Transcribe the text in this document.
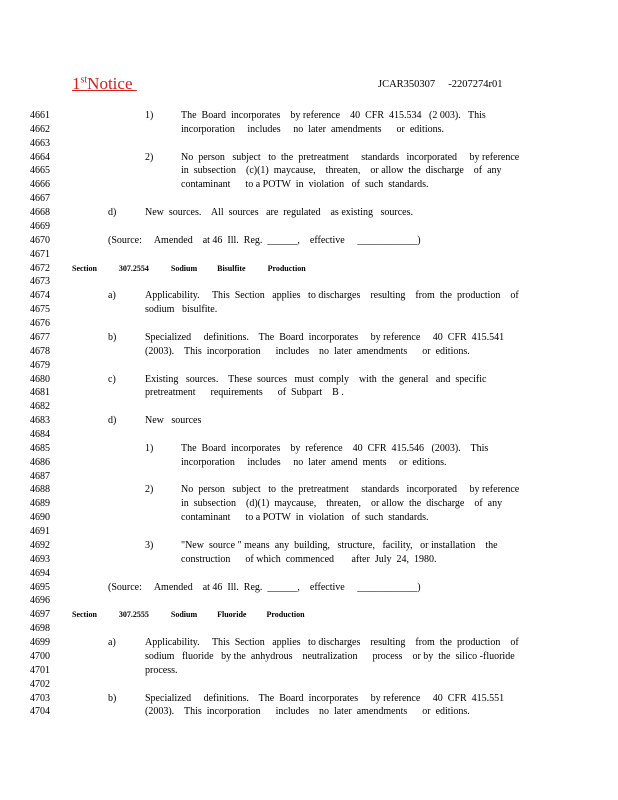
1stNotice	JCAR350307     -2207274r01
4661	1)	The  Board  incorporates    by reference    40  CFR  415.534   (2 003).   This
4662	incorporation     includes     no  later  amendments      or  editions.
4663
4664	2)	No  person   subject   to  the  pretreatment     standards   incorporated     by reference
4665	in  subsection    (c)(1)  maycause,    threaten,    or allow  the  discharge    of  any
4666	contaminant      to a POTW  in  violation   of  such  standards.
4667
4668	d)	New  sources.    All  sources   are  regulated    as existing   sources.
4669
4670	(Source:     Amended    at 46  Ill.  Reg.  ______,    effective     ____________)
4671
4672	Section           307.2554           Sodium          Bisulfite           Production
4673
4674	a)	Applicability.     This  Section   applies   to discharges    resulting    from  the  production    of
4675	sodium   bisulfite.
4676
4677	b)	Specialized     definitions.    The  Board  incorporates     by reference     40  CFR  415.541
4678	(2003).    This  incorporation      includes    no  later  amendments      or  editions.
4679
4680	c)	Existing   sources.    These  sources   must  comply    with  the  general   and  specific
4681	pretreatment      requirements      of  Subpart    B .
4682
4683	d)	New   sources
4684
4685	1)	The  Board  incorporates    by  reference    40  CFR  415.546   (2003).    This
4686	incorporation     includes     no  later  amend  ments     or  editions.
4687
4688	2)	No  person   subject   to  the  pretreatment     standards   incorporated     by reference
4689	in  subsection    (d)(1)  maycause,    threaten,    or allow  the  discharge    of  any
4690	contaminant      to a POTW  in  violation   of  such  standards.
4691
4692	3)	"New  source " means  any  building,   structure,   facility,   or installation    the
4693	construction      of which  commenced       after  July  24,  1980.
4694
4695	(Source:     Amended    at 46  Ill.  Reg.  ______,    effective     ____________)
4696
4697	Section           307.2555           Sodium          Fluoride          Production
4698
4699	a)	Applicability.     This  Section   applies   to discharges    resulting    from  the  production    of
4700	sodium   fluoride   by the  anhydrous    neutralization      process    or by  the  silico -fluoride
4701	process.
4702
4703	b)	Specialized     definitions.    The  Board  incorporates     by reference     40  CFR  415.551
4704	(2003).    This  incorporation      includes    no  later  amendments      or  editions.
